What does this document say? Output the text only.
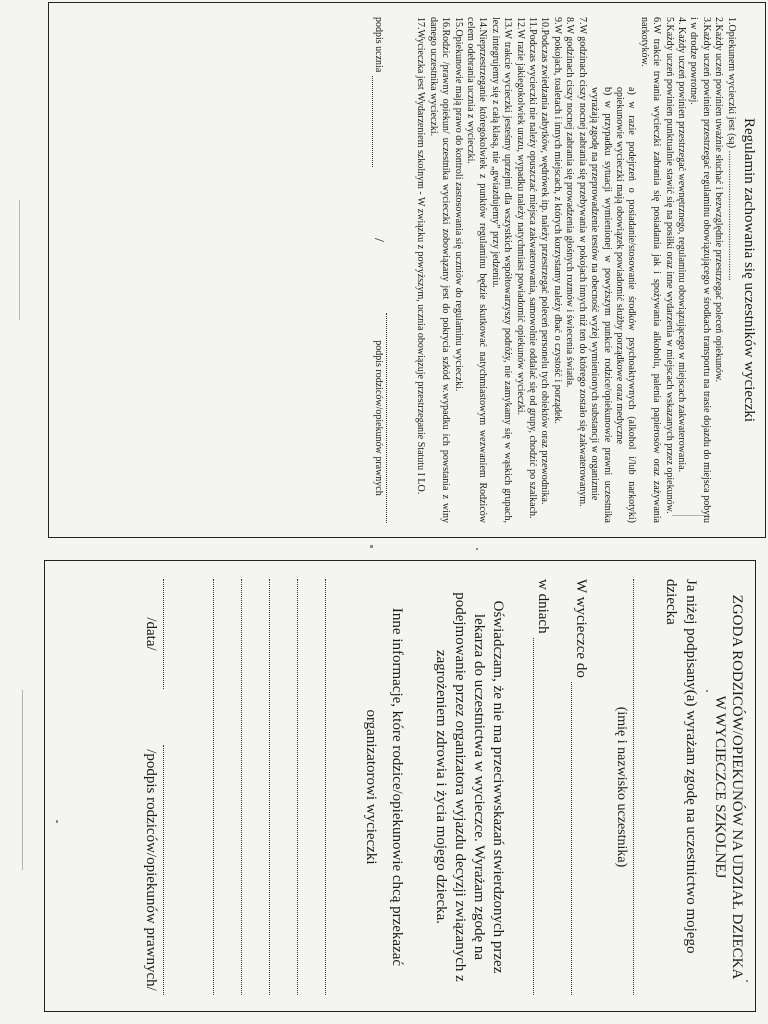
ZGODA RODZICÓW/OPIEKUNÓW NA UDZIAŁ DZIECKA
W WYCIECZCE SZKOLNEJ
Ja niżej podpisany(a) wyrażam zgodę na uczestnictwo mojego dziecka
(imię i nazwisko uczestnika)
W wycieczce do
w dniach
Oświadczam, że nie ma przeciwwskazań stwierdzonych przez lekarza do uczestnictwa w wycieczce. Wyrażam zgodę na podejmowanie przez organizatora wyjazdu decyzji związanych z zagrożeniem zdrowia i życia mojego dziecka.
Inne informacje, które rodzice/opiekunowie chcą przekazać
organizatorowi wycieczki
/data/
/podpis rodziców/opiekunów prawnych/
Regulamin zachowania się uczestników wycieczki

1.Opiekunem wycieczki jest (są) ....................................................

2.Każdy uczeń powinien uważnie słuchać i bezwzględnie przestrzegać poleceń opiekunów.

3.Każdy uczeń powinien przestrzegać regulaminu obowiązującego w środkach transportu na trasie dojazdu do miejsca pobytu i w drodze powrotnej.

4. Każdy uczeń powinien przestrzegać wewnętrznego, regulaminu obowiązującego w miejscach zakwaterowania.

5.Każdy uczeń powinien punktualnie stawić się na posiłki oraz inne wydarzenia w miejscach wskazanych przez opiekunów.

6.W trakcie trwania wycieczki zabrania się posiadania jak i spożywania alkoholu, palenia papierosów oraz zażywania narkotyków.

a) w razie podejrzeń o posiadanie/stosowanie środków psychoaktywnych (alkohol i/lub narkotyki) opiekunowie wycieczki mają obowiązek powiadomić służby porządkowe oraz medyczne

b) w przypadku sytuacji wymienionej w powyższym punkcie rodzice/opiekunowie prawni uczestnika wyrażają zgodę na przeprowadzenie testów na obecność wyżej wymienionych substancji w organizmie

7.W godzinach ciszy nocnej zabrania się przebywania w pokojach innych niż ten do którego zostało się zakwaterowanym.

8.W godzinach ciszy nocnej zabrania się prowadzenia głośnych rozmów i świecenia światła.

9.W pokojach, toaletach i innych miejscach, z których korzystamy należy dbać o czystość i porządek.

10.Podczas zwiedzania zabytków, wędrówek itp. należy przestrzegać poleceń personelu tych obiektów oraz przewodnika.

11.Podczas wycieczki nie należy opuszczać miejsca zakwaterowania, samowolnie oddalać się od grupy, chodzić po szalkach.

12.W razie jakiegokolwiek urazu, wypadku należy natychmiast powiadomić opiekunów wycieczki.

13.W trakcie wycieczki jesteśmy uprzejmi dla wszystkich współtowarzyszy podróży, nie zamykamy się w wąskich grupach, lecz integrujemy się z całą klasą, nie „gwiazdujemy” przy jedzeniu.

14.Nieprzestrzeganie któregokolwiek z punktów regulaminu będzie skutkować natychmiastowym wezwaniem Rodziców celem odebrania ucznia z wycieczki.

15.Opiekunowie mają prawo do kontroli zastosowania się uczniów do regulaminu wycieczki.

16.Rodzic /prawny opiekun/ uczestnika wycieczki zobowiązany jest do pokrycia szkód w.wypadku ich powstania z winy danego uczestnika wycieczki.

17.Wycieczka jest Wydarzeniem szkolnym - W związku z powyższym, ucznia obowiązuje przestrzeganie Statutu I LO.

podpis ucznia
/
podpis rodziców/opiekunów prawnych
